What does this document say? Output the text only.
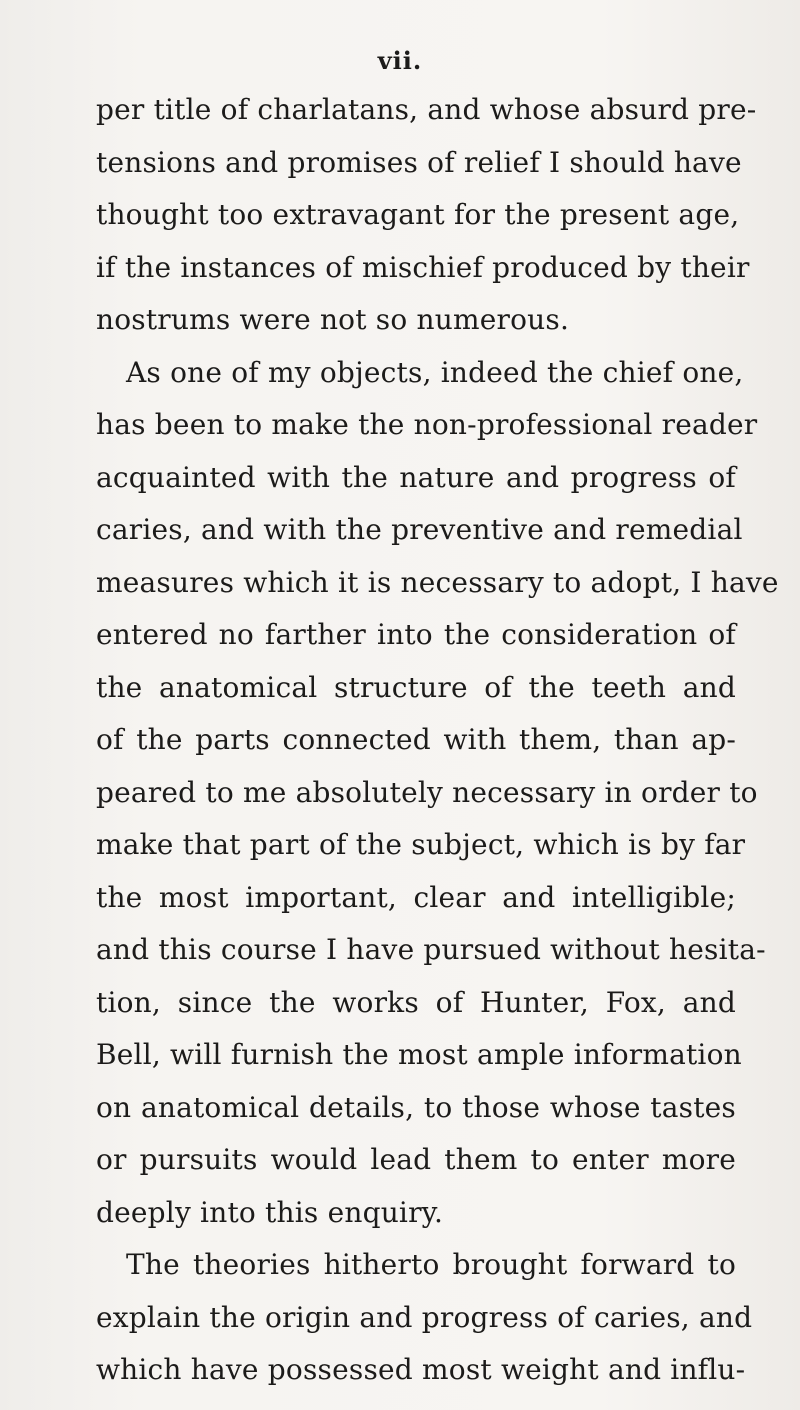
vii.
per title of charlatans, and whose absurd pre-
tensions and promises of relief I should have
thought too extravagant for the present age,
if the instances of mischief produced by their
nostrums were not so numerous.
As one of my objects, indeed the chief one,
has been to make the non-professional reader
acquainted with the nature and progress of
caries, and with the preventive and remedial
measures which it is necessary to adopt, I have
entered no farther into the consideration of
the anatomical structure of the teeth and
of the parts connected with them, than ap-
peared to me absolutely necessary in order to
make that part of the subject, which is by far
the most important, clear and intelligible;
and this course I have pursued without hesita-
tion, since the works of Hunter, Fox, and
Bell, will furnish the most ample information
on anatomical details, to those whose tastes
or pursuits would lead them to enter more
deeply into this enquiry.
The theories hitherto brought forward to
explain the origin and progress of caries, and
which have possessed most weight and influ-
